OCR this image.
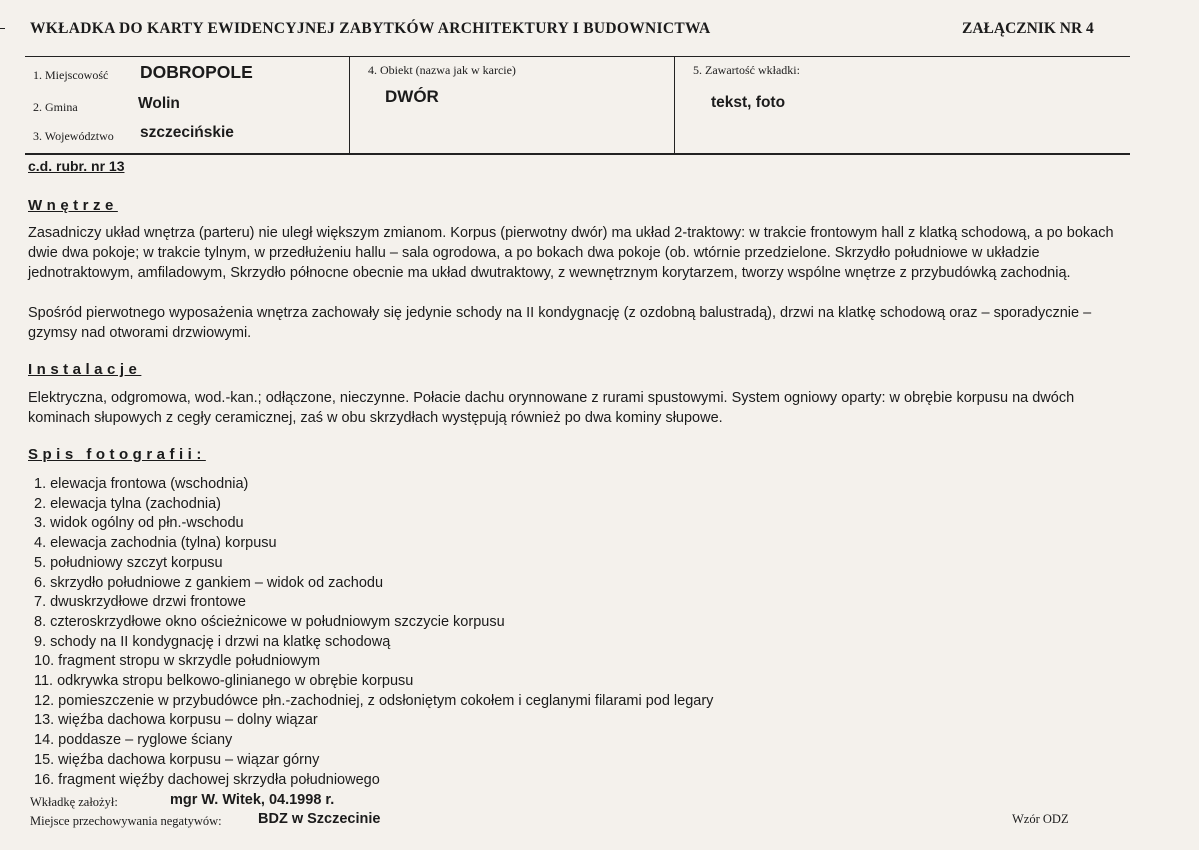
WKŁADKA DO KARTY EWIDENCYJNEJ ZABYTKÓW ARCHITEKTURY I BUDOWNICTWA	ZAŁĄCZNIK NR 4
1. Miejscowość DOBROPOLE
2. Gmina	Wolin
3. Województwo szczecińskie
4. Obiekt (nazwa jak w karcie)
DWÓR
5. Zawartość wkładki:
tekst, foto
c.d. rubr. nr 13
Wnętrze
Zasadniczy układ wnętrza (parteru) nie uległ większym zmianom. Korpus (pierwotny dwór) ma układ 2-traktowy: w trakcie frontowym hall z klatką schodową, a po bokach dwie dwa pokoje; w trakcie tylnym, w przedłużeniu hallu – sala ogrodowa, a po bokach dwa pokoje (ob. wtórnie przedzielone. Skrzydło południowe w układzie jednotraktowym, amfiladowym, Skrzydło północne obecnie ma układ dwutraktowy, z wewnętrznym korytarzem, tworzy wspólne wnętrze z przybudówką zachodnią.
Spośród pierwotnego wyposażenia wnętrza zachowały się jedynie schody na II kondygnację (z ozdobną balustradą), drzwi na klatkę schodową oraz – sporadycznie – gzymsy nad otworami drzwiowymi.
Instalacje
Elektryczna, odgromowa, wod.-kan.; odłączone, nieczynne. Połacie dachu orynnowane z rurami spustowymi. System ogniowy oparty: w obrębie korpusu na dwóch kominach słupowych z cegły ceramicznej, zaś w obu skrzydłach występują również po dwa kominy słupowe.
Spis fotografii:
1. elewacja frontowa (wschodnia)
2. elewacja tylna (zachodnia)
3. widok ogólny od płn.-wschodu
4. elewacja zachodnia (tylna) korpusu
5. południowy szczyt korpusu
6. skrzydło południowe z gankiem – widok od zachodu
7. dwuskrzydłowe drzwi frontowe
8. czteroskrzydłowe okno ościeżnicowe w południowym szczycie korpusu
9. schody na II kondygnację i drzwi na klatkę schodową
10. fragment stropu w skrzydle południowym
11. odkrywka stropu belkowo-glinianego w obrębie korpusu
12. pomieszczenie w przybudówce płn.-zachodniej, z odsłoniętym cokołem i ceglanymi filarami pod legary
13. więźba dachowa korpusu – dolny wiązar
14. poddasze – ryglowe ściany
15. więźba dachowa korpusu – wiązar górny
16. fragment więźby dachowej skrzydła południowego
Wkładkę założył:	mgr W. Witek, 04.1998 r.
Miejsce przechowywania negatywów:	BDZ w Szczecinie	Wzór ODZ
